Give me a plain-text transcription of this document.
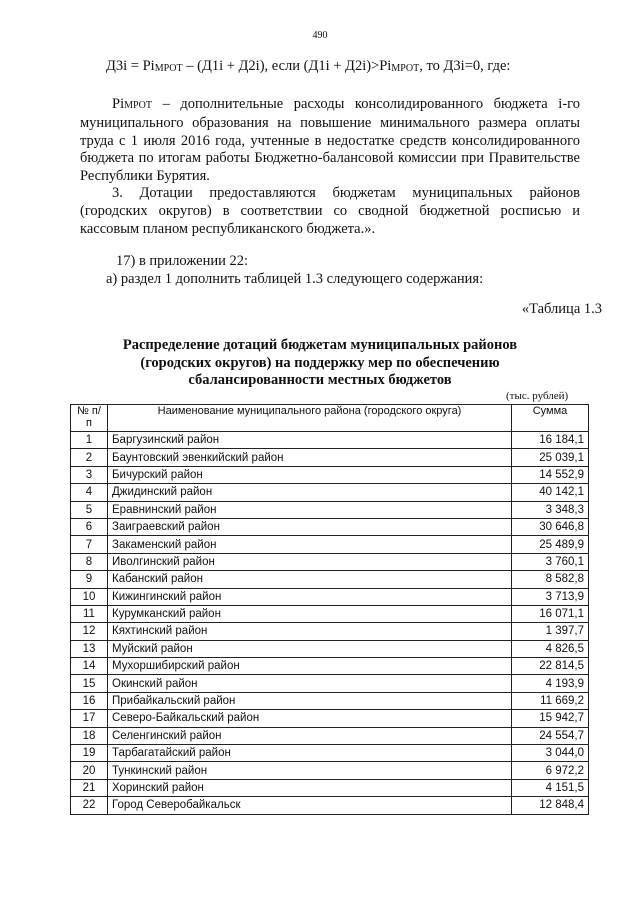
490
Д3i = PiМРОТ – (Д1i + Д2i), если (Д1i + Д2i)>PiМРОТ, то Д3i=0, где:
PiМРОТ – дополнительные расходы консолидированного бюджета i-го муниципального образования на повышение минимального размера оплаты труда с 1 июля 2016 года, учтенные в недостатке средств консолидированного бюджета по итогам работы Бюджетно-балансовой комиссии при Правительстве Республики Бурятия.
3. Дотации предоставляются бюджетам муниципальных районов (городских округов) в соответствии со сводной бюджетной росписью и кассовым планом республиканского бюджета.».
17) в приложении 22:
а) раздел 1 дополнить таблицей 1.3 следующего содержания:
«Таблица 1.3
Распределение дотаций бюджетам муниципальных районов (городских округов) на поддержку мер по обеспечению сбалансированности местных бюджетов
(тыс. рублей)
№ п/п	Наименование муниципального района (городского округа)	Сумма
1	Баргузинский район	16 184,1
2	Баунтовский эвенкийский район	25 039,1
3	Бичурский район	14 552,9
4	Джидинский район	40 142,1
5	Еравнинский район	3 348,3
6	Заиграевский район	30 646,8
7	Закаменский район	25 489,9
8	Иволгинский район	3 760,1
9	Кабанский район	8 582,8
10	Кижингинский район	3 713,9
11	Курумканский район	16 071,1
12	Кяхтинский район	1 397,7
13	Муйский район	4 826,5
14	Мухоршибирский район	22 814,5
15	Окинский район	4 193,9
16	Прибайкальский район	11 669,2
17	Северо-Байкальский район	15 942,7
18	Селенгинский район	24 554,7
19	Тарбагатайский район	3 044,0
20	Тункинский район	6 972,2
21	Хоринский район	4 151,5
22	Город Северобайкальск	12 848,4
